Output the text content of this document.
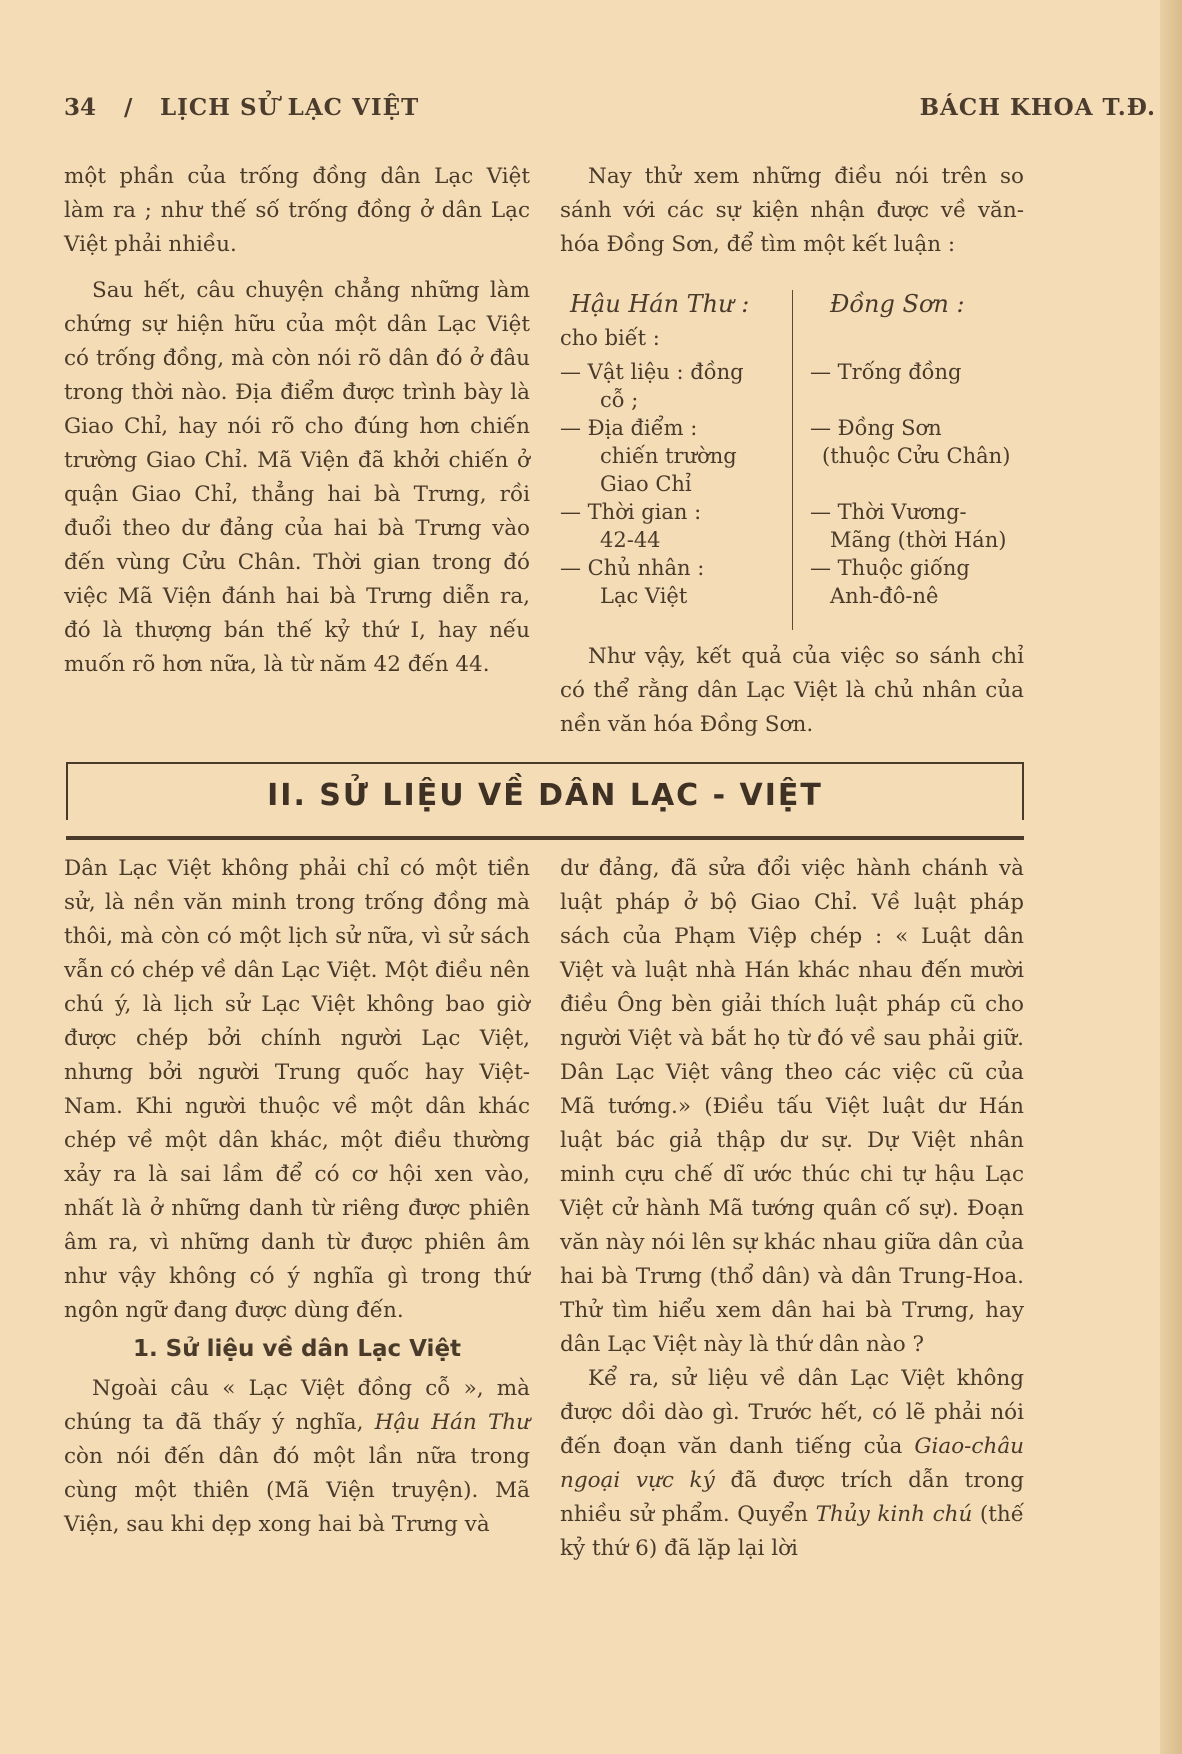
34 / LỊCH SỬ LẠC VIỆT	BÁCH KHOA T.Đ.

một phần của trống đồng dân Lạc Việt làm ra ; như thế số trống đồng ở dân Lạc Việt phải nhiều.

Sau hết, câu chuyện chẳng những làm chứng sự hiện hữu của một dân Lạc Việt có trống đồng, mà còn nói rõ dân đó ở đâu trong thời nào. Địa điểm được trình bày là Giao Chỉ, hay nói rõ cho đúng hơn chiến trường Giao Chỉ. Mã Viện đã khởi chiến ở quận Giao Chỉ, thẳng hai bà Trưng, rồi đuổi theo dư đảng của hai bà Trưng vào đến vùng Cửu Chân. Thời gian trong đó việc Mã Viện đánh hai bà Trưng diễn ra, đó là thượng bán thế kỷ thứ I, hay nếu muốn rõ hơn nữa, là từ năm 42 đến 44.

Nay thử xem những điều nói trên so sánh với các sự kiện nhận được về văn-hóa Đồng Sơn, để tìm một kết luận :

Hậu Hán Thư :	Đồng Sơn :
cho biết :
— Vật liệu : đồng
cỗ ;
— Địa điểm :
chiến trường
Giao Chỉ
— Thời gian :
42-44
— Chủ nhân :
Lạc Việt
— Trống đồng
— Đồng Sơn
(thuộc Cửu Chân)
— Thời Vương-
Mãng (thời Hán)
— Thuộc giống
Anh-đô-nê

Như vậy, kết quả của việc so sánh chỉ có thể rằng dân Lạc Việt là chủ nhân của nền văn hóa Đồng Sơn.

II. SỬ LIỆU VỀ DÂN LẠC - VIỆT

Dân Lạc Việt không phải chỉ có một tiền sử, là nền văn minh trong trống đồng mà thôi, mà còn có một lịch sử nữa, vì sử sách vẫn có chép về dân Lạc Việt. Một điều nên chú ý, là lịch sử Lạc Việt không bao giờ được chép bởi chính người Lạc Việt, nhưng bởi người Trung quốc hay Việt-Nam. Khi người thuộc về một dân khác chép về một dân khác, một điều thường xảy ra là sai lầm để có cơ hội xen vào, nhất là ở những danh từ riêng được phiên âm ra, vì những danh từ được phiên âm như vậy không có ý nghĩa gì trong thứ ngôn ngữ đang được dùng đến.

1. Sử liệu về dân Lạc Việt

Ngoài câu « Lạc Việt đồng cỗ », mà chúng ta đã thấy ý nghĩa, Hậu Hán Thư còn nói đến dân đó một lần nữa trong cùng một thiên (Mã Viện truyện). Mã Viện, sau khi dẹp xong hai bà Trưng và

dư đảng, đã sửa đổi việc hành chánh và luật pháp ở bộ Giao Chỉ. Về luật pháp sách của Phạm Việp chép : « Luật dân Việt và luật nhà Hán khác nhau đến mười điều Ông bèn giải thích luật pháp cũ cho người Việt và bắt họ từ đó về sau phải giữ. Dân Lạc Việt vâng theo các việc cũ của Mã tướng.» (Điều tấu Việt luật dư Hán luật bác giả thập dư sự. Dự Việt nhân minh cựu chế dĩ ước thúc chi tự hậu Lạc Việt cử hành Mã tướng quân cố sự). Đoạn văn này nói lên sự khác nhau giữa dân của hai bà Trưng (thổ dân) và dân Trung-Hoa. Thử tìm hiểu xem dân hai bà Trưng, hay dân Lạc Việt này là thứ dân nào ?

Kể ra, sử liệu về dân Lạc Việt không được dồi dào gì. Trước hết, có lẽ phải nói đến đoạn văn danh tiếng của Giao-châu ngoại vực ký đã được trích dẫn trong nhiều sử phẩm. Quyển Thủy kinh chú (thế kỷ thứ 6) đã lặp lại lời
